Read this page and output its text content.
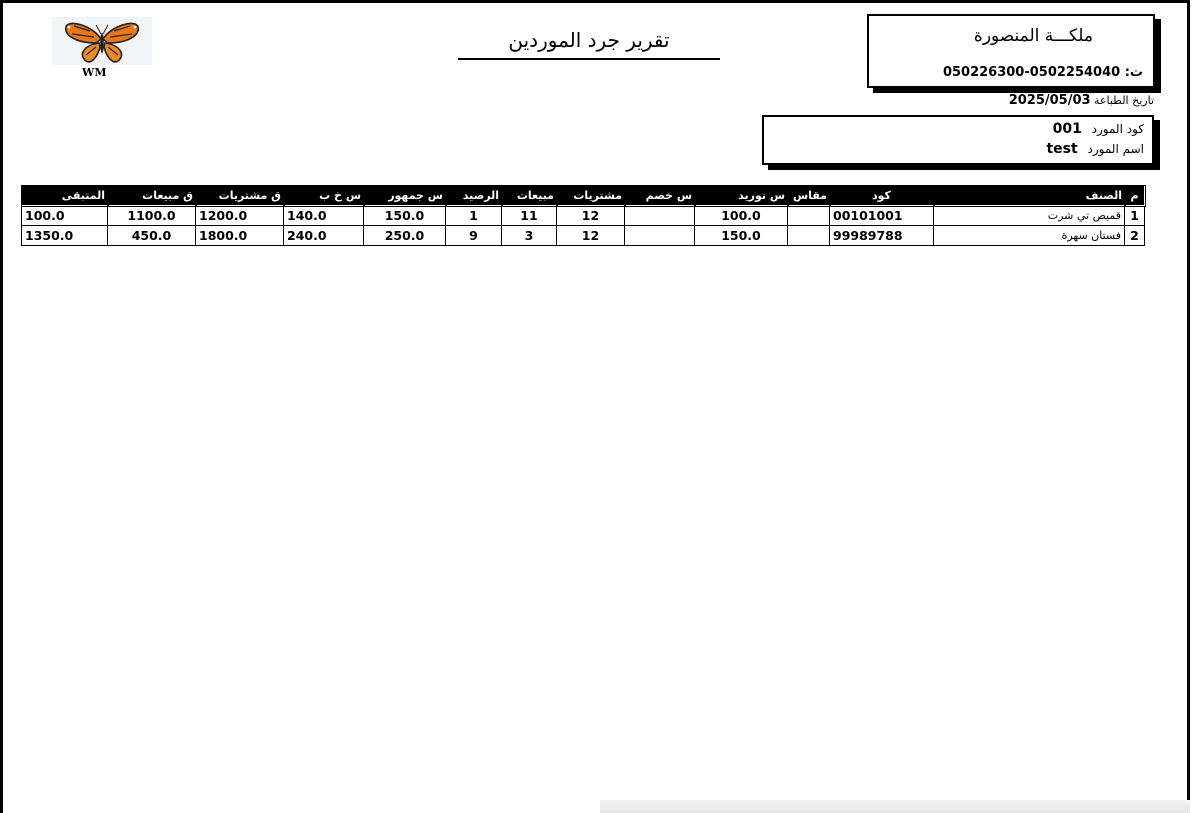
WM
تقرير جرد الموردين	ملكـــة المنصورة
050226300-0502254040 :ت
تاريخ الطباعة 2025/05/03
كود المورد 001
اسم المورد test
المتبقى	ق مبيعات	ق مشتريات	س خ ب	س جمهور	الرصيد	مبيعات	مشتريات	س خصم	س توريد	مقاس	كود	الصنف	م
100.0	1100.0	1200.0	140.0	150.0	1	11	12		100.0		00101001	قميص تي شرت	1
1350.0	450.0	1800.0	240.0	250.0	9	3	12		150.0		99989788	فستان سهرة	2
